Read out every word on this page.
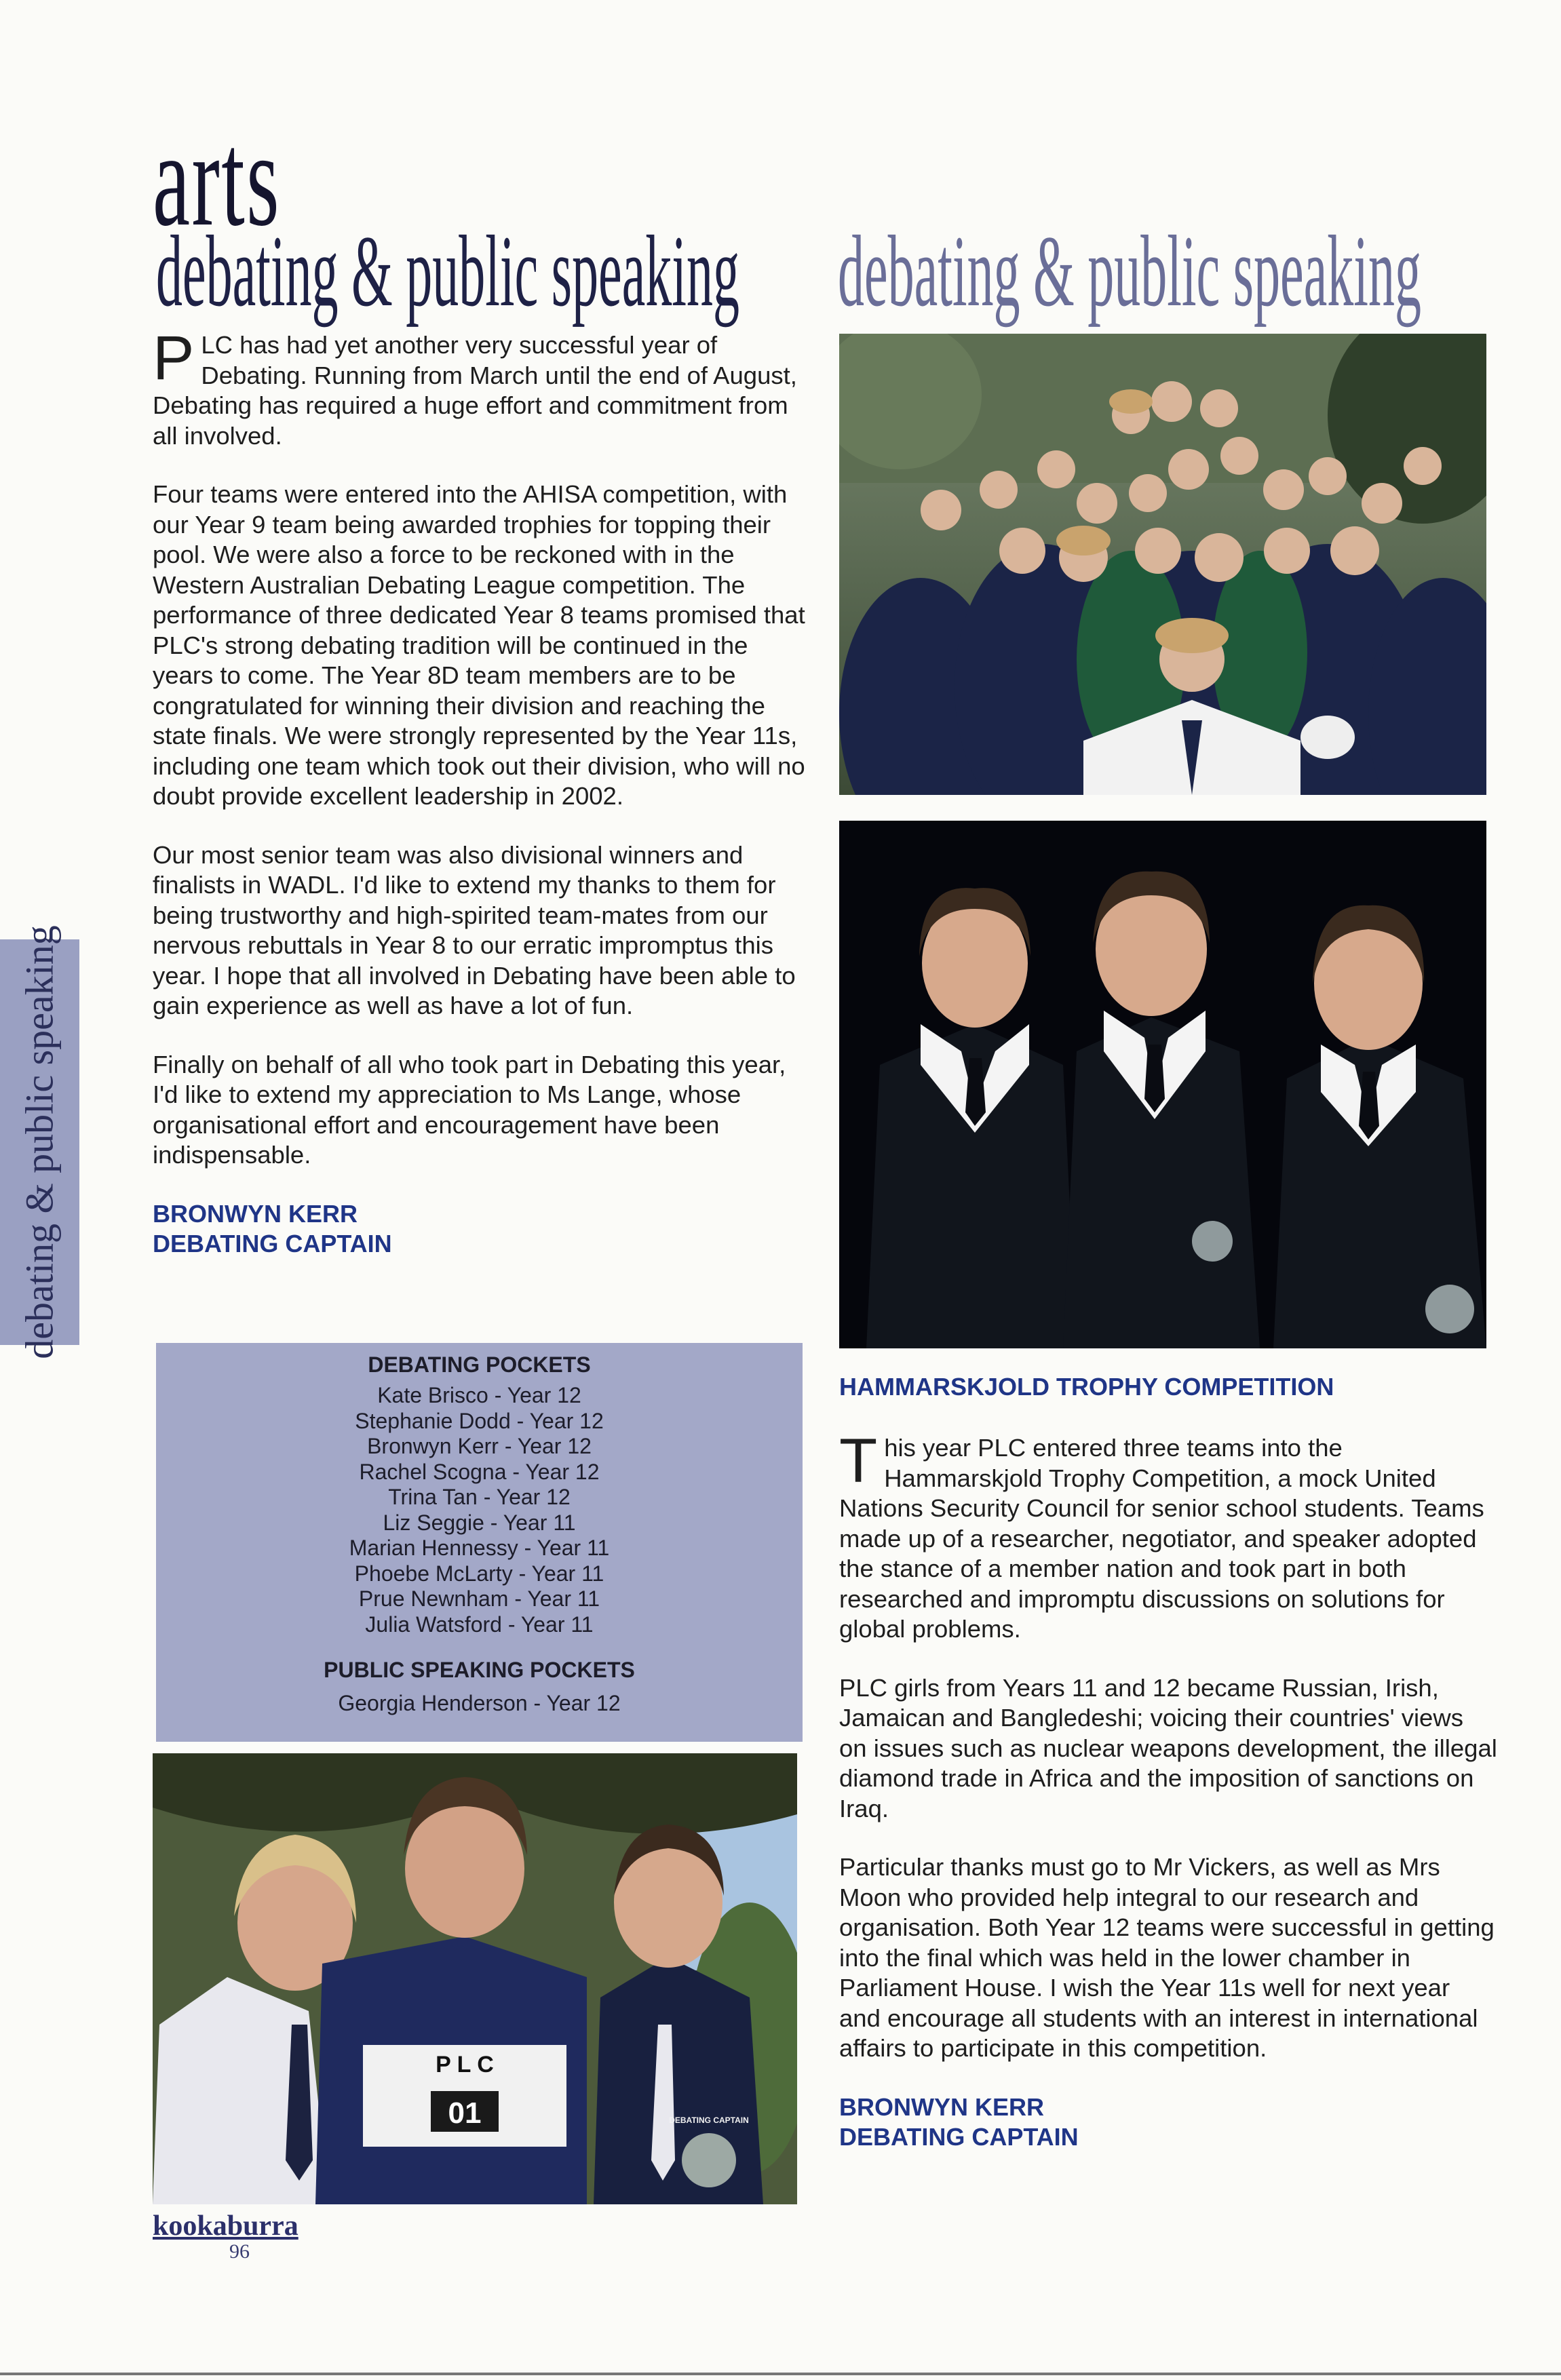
arts
debating & public speaking debating & public speaking
debating & public speaking

PLC has had yet another very successful year of Debating. Running from March until the end of August, Debating has required a huge effort and commitment from all involved.

Four teams were entered into the AHISA competition, with our Year 9 team being awarded trophies for topping their pool. We were also a force to be reckoned with in the Western Australian Debating League competition. The performance of three dedicated Year 8 teams promised that PLC's strong debating tradition will be continued in the years to come. The Year 8D team members are to be congratulated for winning their division and reaching the state finals. We were strongly represented by the Year 11s, including one team which took out their division, who will no doubt provide excellent leadership in 2002.

Our most senior team was also divisional winners and finalists in WADL. I'd like to extend my thanks to them for being trustworthy and high-spirited team-mates from our nervous rebuttals in Year 8 to our erratic impromptus this year. I hope that all involved in Debating have been able to gain experience as well as have a lot of fun.

Finally on behalf of all who took part in Debating this year, I'd like to extend my appreciation to Ms Lange, whose organisational effort and encouragement have been indispensable.

BRONWYN KERR
DEBATING CAPTAIN
DEBATING POCKETS
Kate Brisco - Year 12
Stephanie Dodd - Year 12
Bronwyn Kerr - Year 12
Rachel Scogna - Year 12
Trina Tan - Year 12
Liz Seggie - Year 11
Marian Hennessy - Year 11
Phoebe McLarty - Year 11
Prue Newnham - Year 11
Julia Watsford - Year 11
PUBLIC SPEAKING POCKETS
Georgia Henderson - Year 12
HAMMARSKJOLD TROPHY COMPETITION

This year PLC entered three teams into the Hammarskjold Trophy Competition, a mock United Nations Security Council for senior school students. Teams made up of a researcher, negotiator, and speaker adopted the stance of a member nation and took part in both researched and impromptu discussions on solutions for global problems.

PLC girls from Years 11 and 12 became Russian, Irish, Jamaican and Bangledeshi; voicing their countries' views on issues such as nuclear weapons development, the illegal diamond trade in Africa and the imposition of sanctions on Iraq.

Particular thanks must go to Mr Vickers, as well as Mrs Moon who provided help integral to our research and organisation. Both Year 12 teams were successful in getting into the final which was held in the lower chamber in Parliament House. I wish the Year 11s well for next year and encourage all students with an interest in international affairs to participate in this competition.

BRONWYN KERR
DEBATING CAPTAIN
P L C
01	DEBATING CAPTAIN
kookaburra
96
